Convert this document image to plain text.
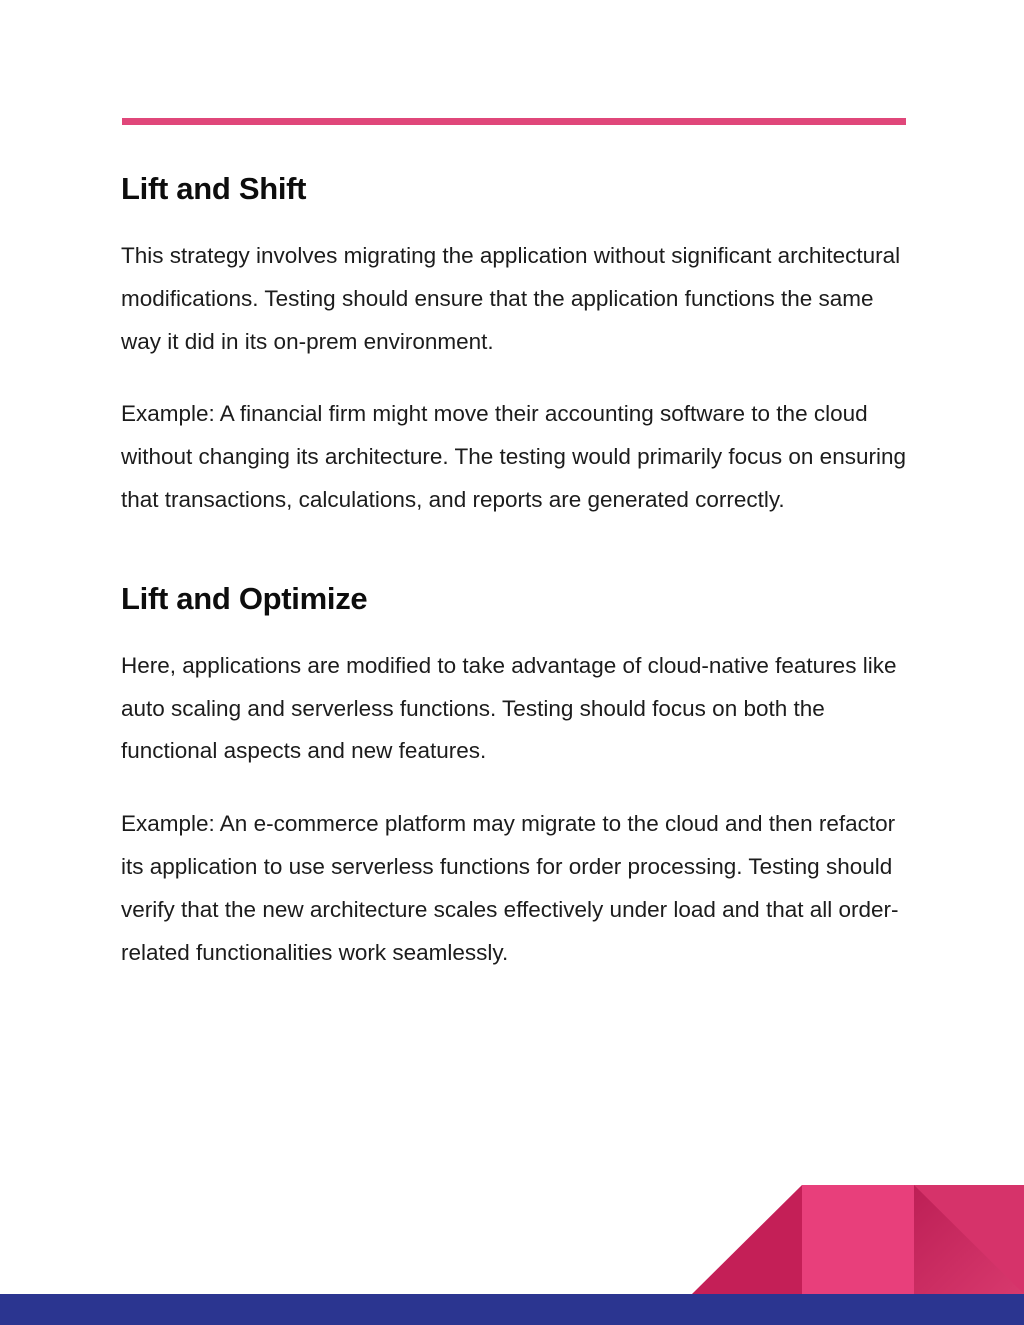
Lift and Shift

This strategy involves migrating the application without significant architectural modifications. Testing should ensure that the application functions the same way it did in its on-prem environment.

Example: A financial firm might move their accounting software to the cloud without changing its architecture. The testing would primarily focus on ensuring that transactions, calculations, and reports are generated correctly.

Lift and Optimize

Here, applications are modified to take advantage of cloud-native features like auto scaling and serverless functions. Testing should focus on both the functional aspects and new features.

Example: An e-commerce platform may migrate to the cloud and then refactor its application to use serverless functions for order processing. Testing should verify that the new architecture scales effectively under load and that all order-related functionalities work seamlessly.
